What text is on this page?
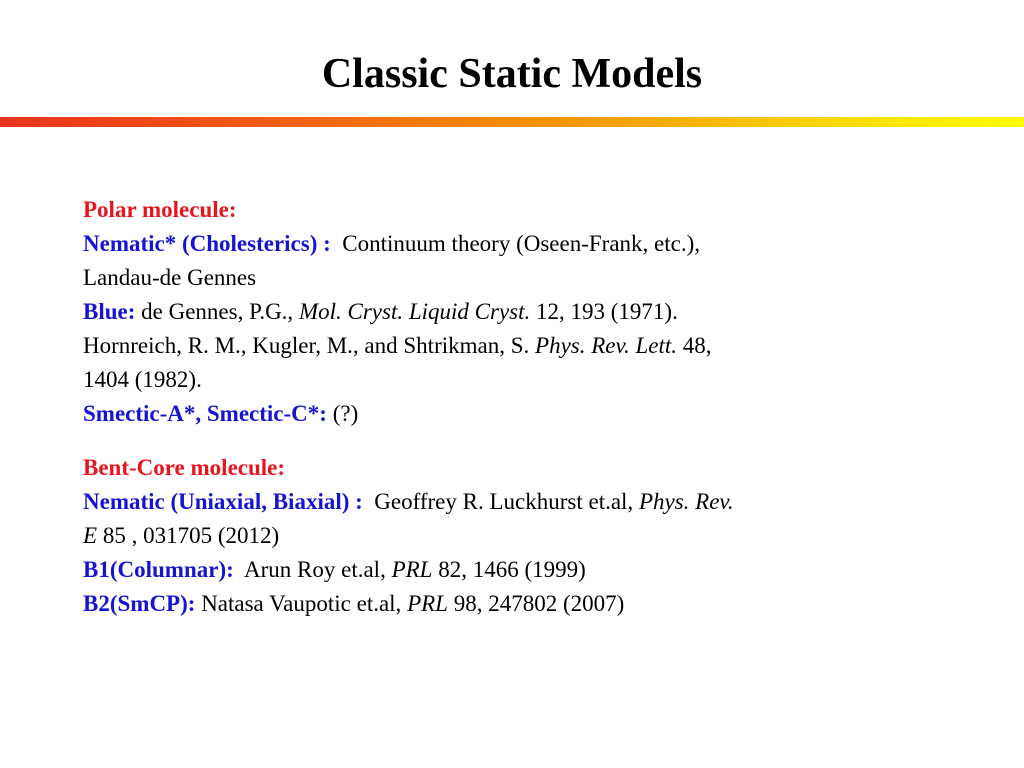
Classic Static Models
Polar molecule:
Nematic* (Cholesterics) : Continuum theory (Oseen-Frank, etc.),
Landau-de Gennes
Blue: de Gennes, P.G., Mol. Cryst. Liquid Cryst. 12, 193 (1971).
Hornreich, R. M., Kugler, M., and Shtrikman, S. Phys. Rev. Lett. 48,
1404 (1982).
Smectic-A*, Smectic-C*: (?)
Bent-Core molecule:
Nematic (Uniaxial, Biaxial) : Geoffrey R. Luckhurst et.al, Phys. Rev.
E 85 , 031705 (2012)
B1(Columnar): Arun Roy et.al, PRL 82, 1466 (1999)
B2(SmCP): Natasa Vaupotic et.al, PRL 98, 247802 (2007)
